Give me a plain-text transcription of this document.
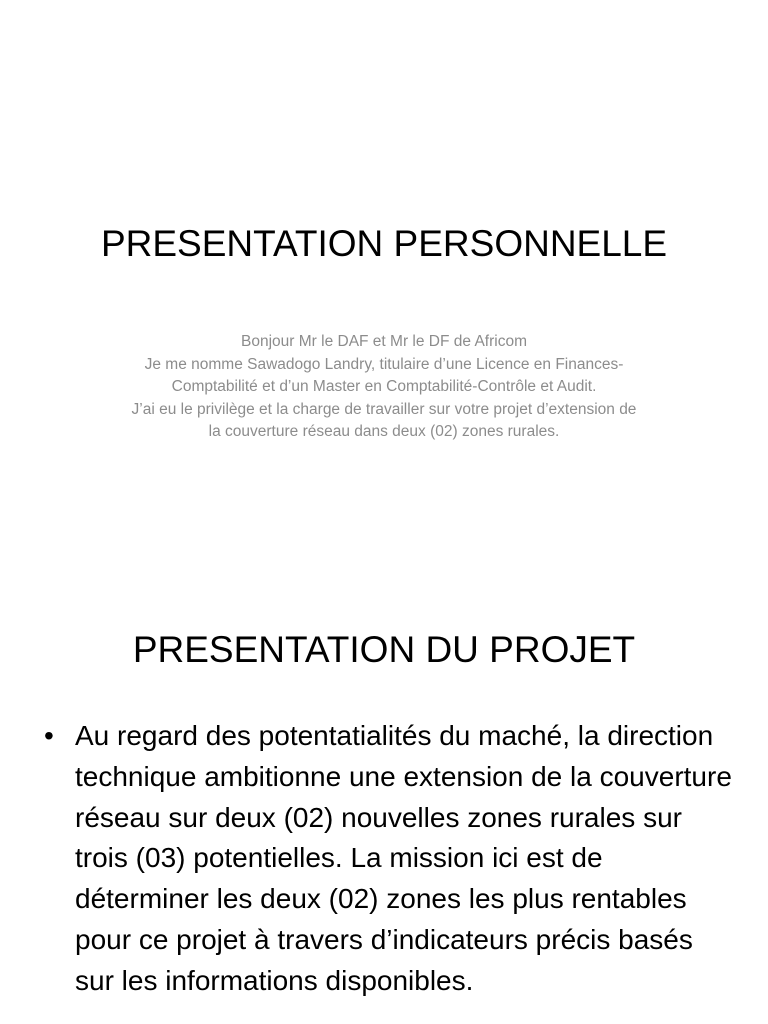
PRESENTATION PERSONNELLE
Bonjour Mr le DAF et Mr le DF de Africom
Je me nomme Sawadogo Landry, titulaire d’une Licence en Finances-Comptabilité et d’un Master en Comptabilité-Contrôle et Audit.
J’ai eu le privilège et la charge de travailler sur votre projet d’extension de la couverture réseau dans deux (02) zones rurales.
PRESENTATION DU PROJET
• Au regard des potentatialités du maché, la direction technique ambitionne une extension de la couverture réseau sur deux (02) nouvelles zones rurales sur trois (03) potentielles. La mission ici est de déterminer les deux (02) zones les plus rentables pour ce projet à travers d’indicateurs précis basés sur les informations disponibles.
